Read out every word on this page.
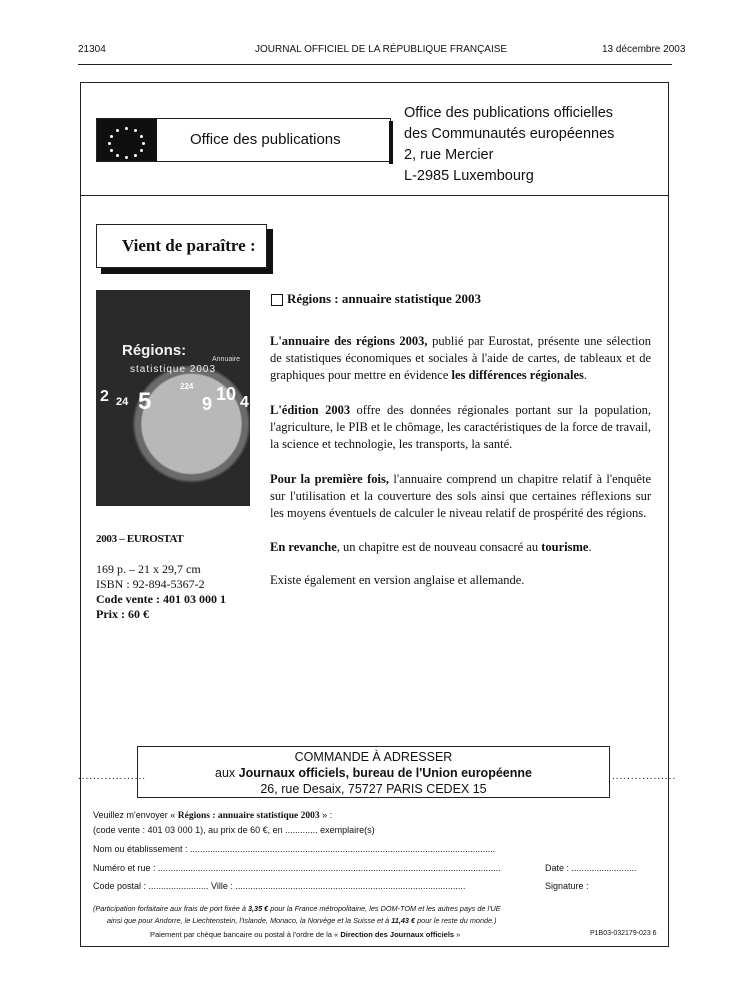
21304	JOURNAL OFFICIEL DE LA RÉPUBLIQUE FRANÇAISE	13 décembre 2003
Office des publications
Office des publications officielles
des Communautés européennes
2, rue Mercier
L-2985 Luxembourg
Vient de paraître :
Régions:
Annuaire
statistique 2003
2 24 5	9 10 4
224
2003 – EUROSTAT
169 p. – 21 x 29,7 cm
ISBN : 92-894-5367-2
Code vente : 401 03 000 1
Prix : 60 €
Régions : annuaire statistique 2003
L'annuaire des régions 2003, publié par Eurostat, présente une sélection de statistiques économiques et sociales à l'aide de cartes, de tableaux et de graphiques pour mettre en évidence les différences régionales.
L'édition 2003 offre des données régionales portant sur la population, l'agriculture, le PIB et le chômage, les caractéristiques de la force de travail, la science et technologie, les transports, la santé.
Pour la première fois, l'annuaire comprend un chapitre relatif à l'enquête sur l'utilisation et la couverture des sols ainsi que certaines réflexions sur les moyens éventuels de calculer le niveau relatif de prospérité des régions.
En revanche, un chapitre est de nouveau consacré au tourisme.
Existe également en version anglaise et allemande.
..................	.................
COMMANDE À ADRESSER
aux Journaux officiels, bureau de l'Union européenne
26, rue Desaix, 75727 PARIS CEDEX 15
Veuillez m'envoyer « Régions : annuaire statistique 2003 » :
(code vente : 401 03 000 1), au prix de 60 €, en ............. exemplaire(s)
Nom ou établissement : ..........................................................................................................................
Numéro et rue : .........................................................................................................................................	Date : ..........................
Code postal : ........................ Ville : ............................................................................................	Signature :
(Participation forfaitaire aux frais de port fixée à 3,35 € pour la France métropolitaine, les DOM-TOM et les autres pays de l'UE
ainsi que pour Andorre, le Liechtenstein, l'Islande, Monaco, la Norvège et la Suisse et à 11,43 € pour le reste du monde.)
Paiement par chèque bancaire ou postal à l'ordre de la « Direction des Journaux officiels »	P1B03-032179-023 6
